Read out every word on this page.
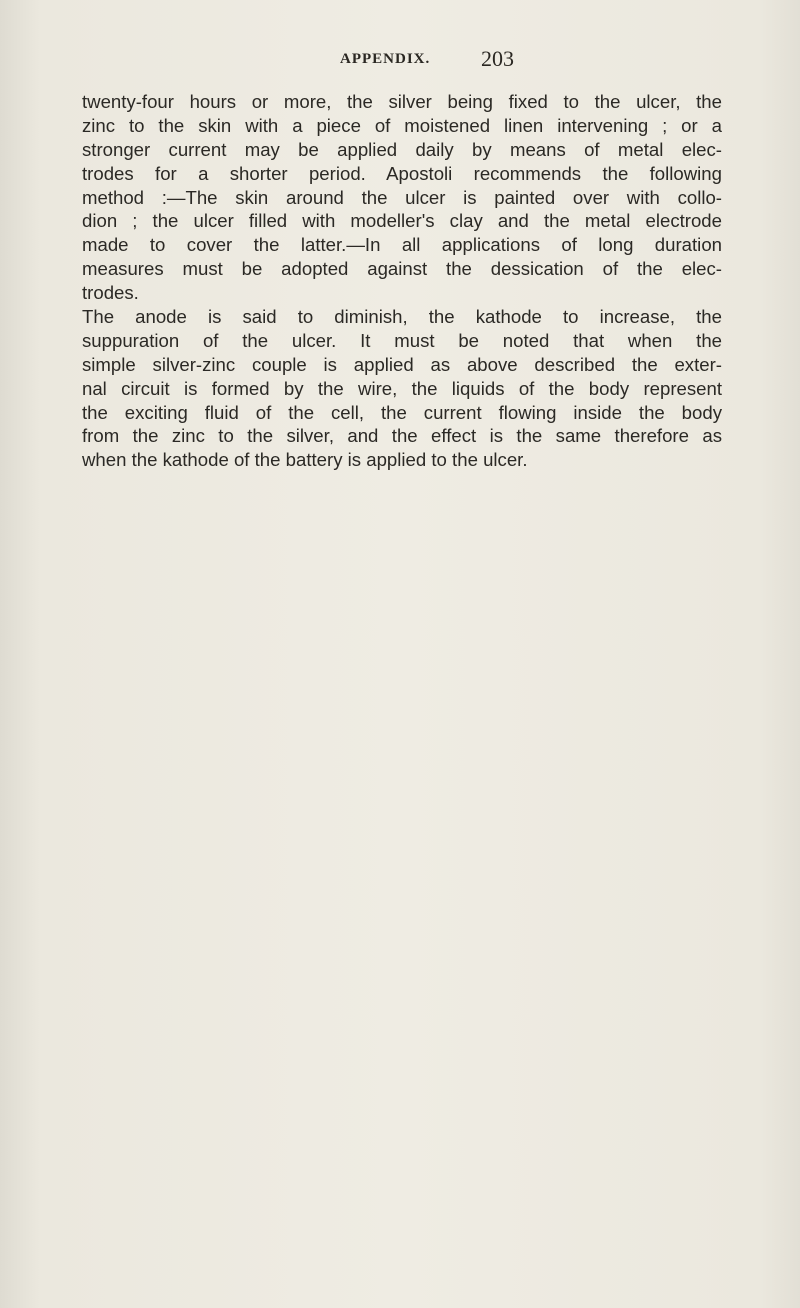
APPENDIX. 203
twenty-four hours or more, the silver being fixed to the ulcer, the
zinc to the skin with a piece of moistened linen intervening ; or a
stronger current may be applied daily by means of metal elec-
trodes for a shorter period. Apostoli recommends the following
method :—The skin around the ulcer is painted over with collo-
dion ; the ulcer filled with modeller's clay and the metal electrode
made to cover the latter.—In all applications of long duration
measures must be adopted against the dessication of the elec-
trodes.
The anode is said to diminish, the kathode to increase, the
suppuration of the ulcer. It must be noted that when the
simple silver-zinc couple is applied as above described the exter-
nal circuit is formed by the wire, the liquids of the body represent
the exciting fluid of the cell, the current flowing inside the body
from the zinc to the silver, and the effect is the same therefore as
when the kathode of the battery is applied to the ulcer.
